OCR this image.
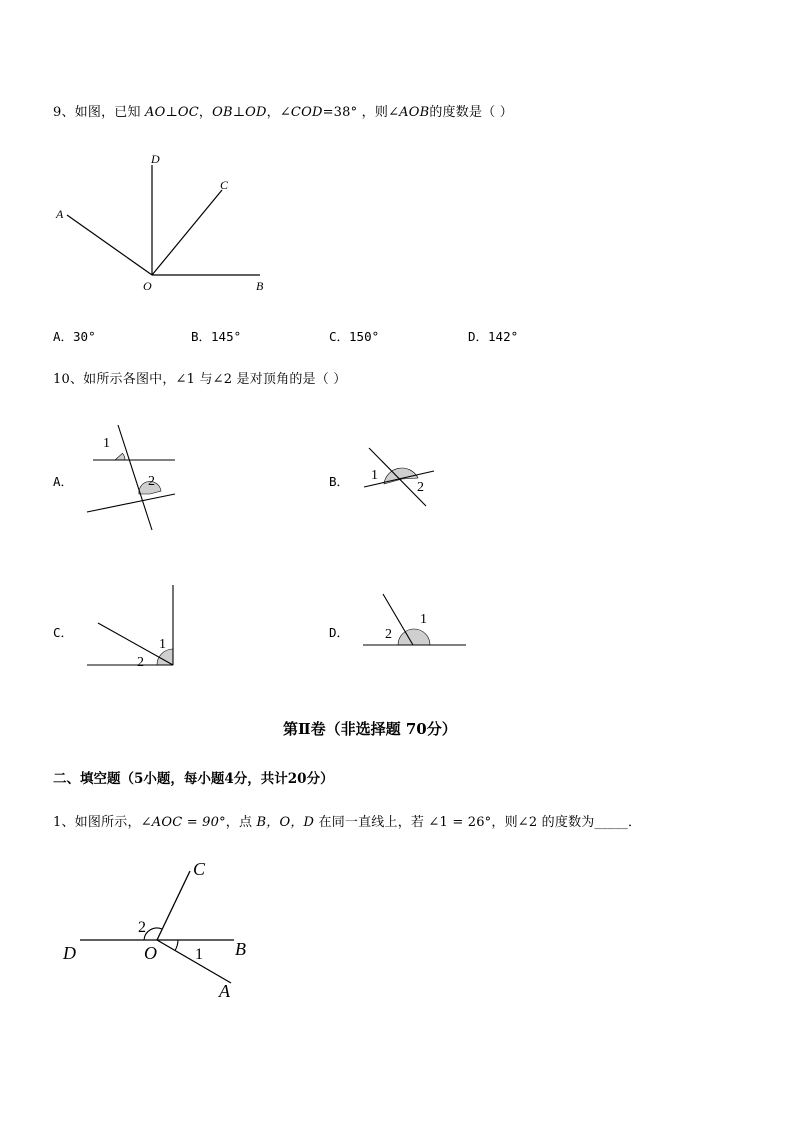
9、如图，已知 AO⊥OC，OB⊥OD，∠COD=38° ，则∠AOB的度数是（ ）
D
C
A
O	B
A．30°	B．145°	C．150°	D．142°
10、如所示各图中，∠1 与∠2 是对顶角的是（ ）
A．	B．
C．	D．
1
2	1
2
1
2
1
2
第Ⅱ卷（非选择题 70分）
二、填空题（5小题，每小题4分，共计20分）
1、如图所示，∠AOC = 90°，点 B，O，D 在同一直线上，若 ∠1 = 26°，则∠2 的度数为_____．
C
D	O	B
A
2
1
